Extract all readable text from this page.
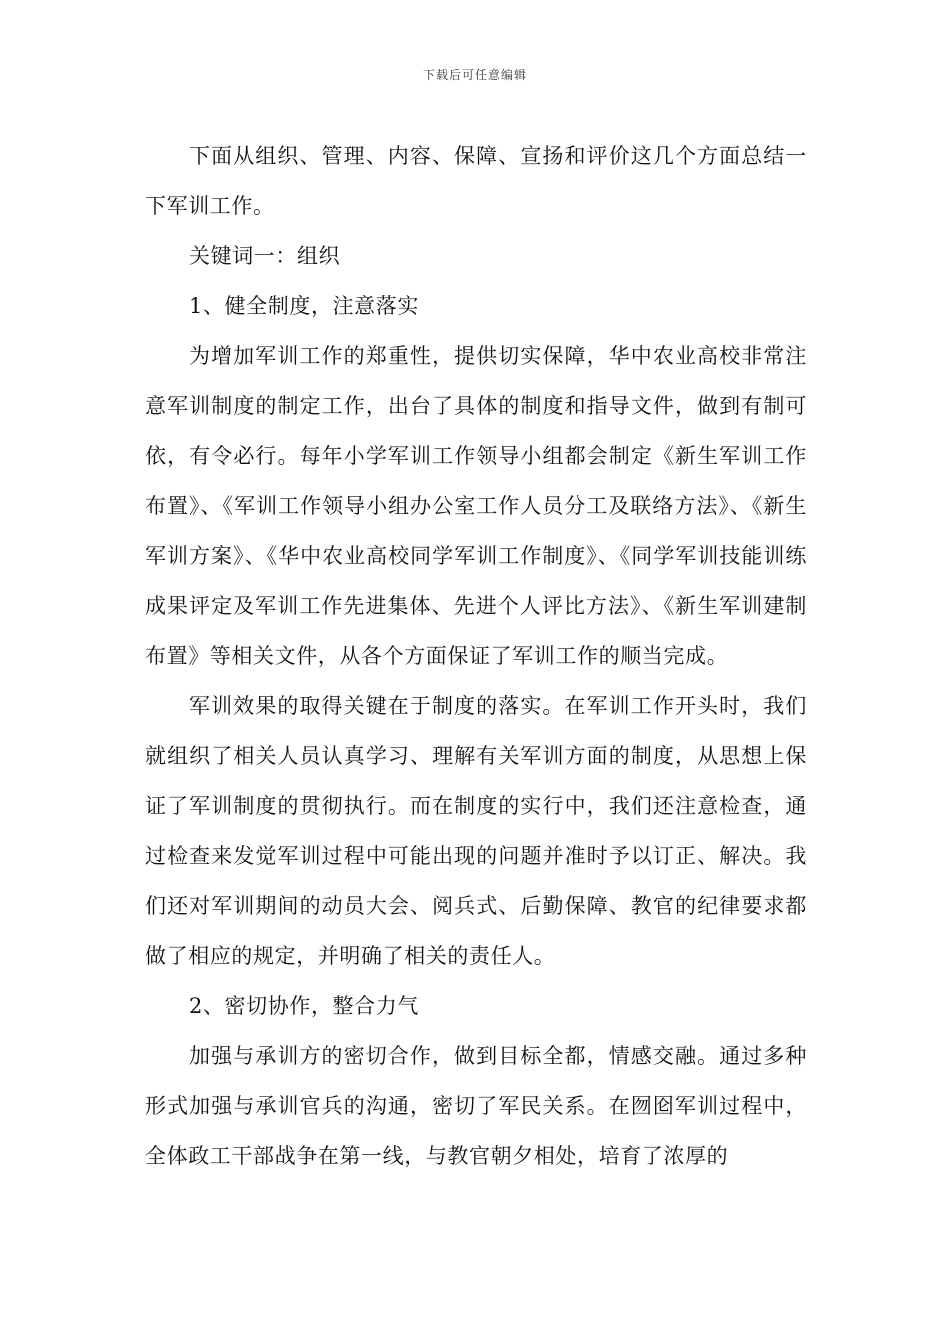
下载后可任意编辑

下面从组织、管理、内容、保障、宣扬和评价这几个方面总结一下军训工作。

关键词一：组织

1、健全制度，注意落实

为增加军训工作的郑重性，提供切实保障，华中农业高校非常注意军训制度的制定工作，出台了具体的制度和指导文件，做到有制可依，有令必行。每年小学军训工作领导小组都会制定《新生军训工作布置》、《军训工作领导小组办公室工作人员分工及联络方法》、《新生军训方案》、《华中农业高校同学军训工作制度》、《同学军训技能训练成果评定及军训工作先进集体、先进个人评比方法》、《新生军训建制布置》等相关文件，从各个方面保证了军训工作的顺当完成。

军训效果的取得关键在于制度的落实。在军训工作开头时，我们就组织了相关人员认真学习、理解有关军训方面的制度，从思想上保证了军训制度的贯彻执行。而在制度的实行中，我们还注意检查，通过检查来发觉军训过程中可能出现的问题并准时予以订正、解决。我们还对军训期间的动员大会、阅兵式、后勤保障、教官的纪律要求都做了相应的规定，并明确了相关的责任人。

2、密切协作，整合力气

加强与承训方的密切合作，做到目标全都，情感交融。通过多种形式加强与承训官兵的沟通，密切了军民关系。在囫囵军训过程中，全体政工干部战争在第一线，与教官朝夕相处，培育了浓厚的
